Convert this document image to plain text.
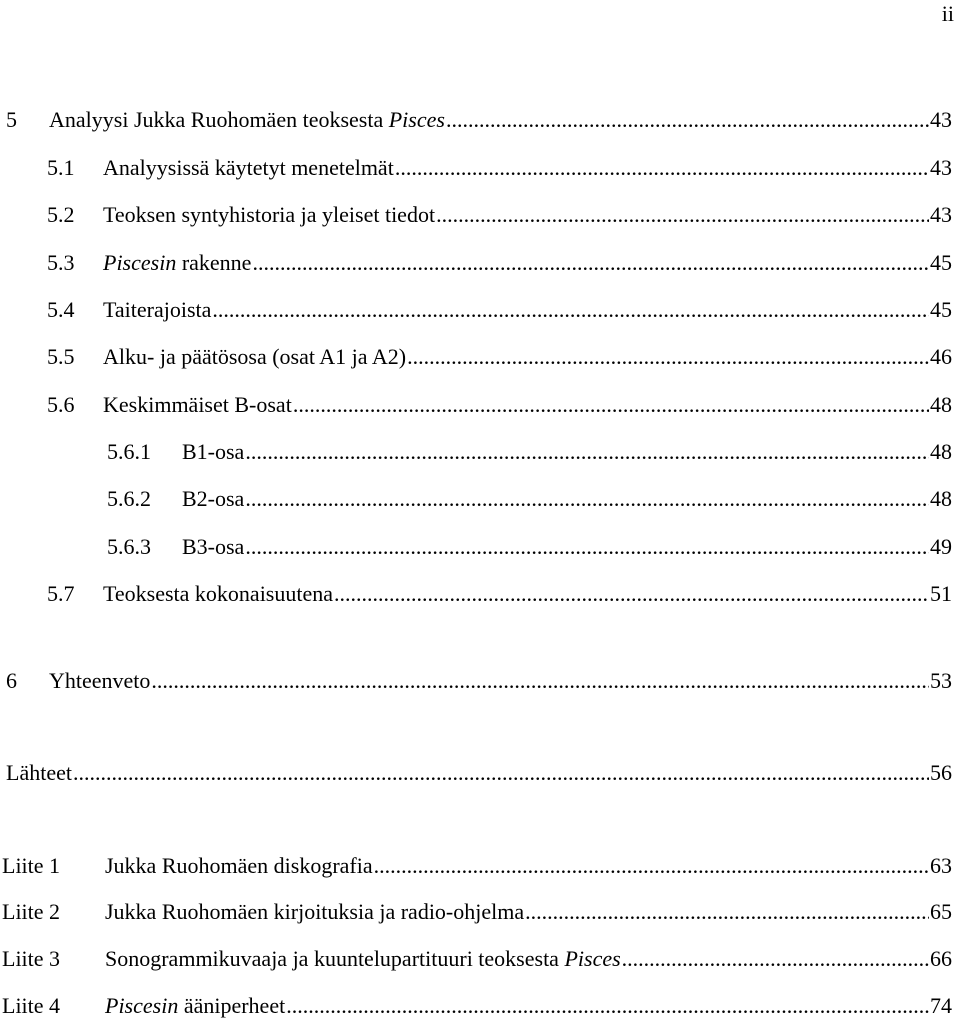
ii
5	Analyysi Jukka Ruohomäen teoksesta Pisces .....	43
5.1	Analyysissä käytetyt menetelmät .....	43
5.2	Teoksen syntyhistoria ja yleiset tiedot .....	43
5.3	Piscesin rakenne .....	45
5.4	Taiterajoista .....	45
5.5	Alku- ja päätösosa (osat A1 ja A2) .....	46
5.6	Keskimmäiset B-osat .....	48
5.6.1	B1-osa .....	48
5.6.2	B2-osa .....	48
5.6.3	B3-osa .....	49
5.7	Teoksesta kokonaisuutena .....	51
6	Yhteenveto .....	53
Lähteet .....	56
Liite 1	Jukka Ruohomäen diskografia .....	63
Liite 2	Jukka Ruohomäen kirjoituksia ja radio-ohjelma .....	65
Liite 3	Sonogrammikuvaaja ja kuuntelupartituuri teoksesta Pisces .....	66
Liite 4	Piscesin ääniperheet .....	74
